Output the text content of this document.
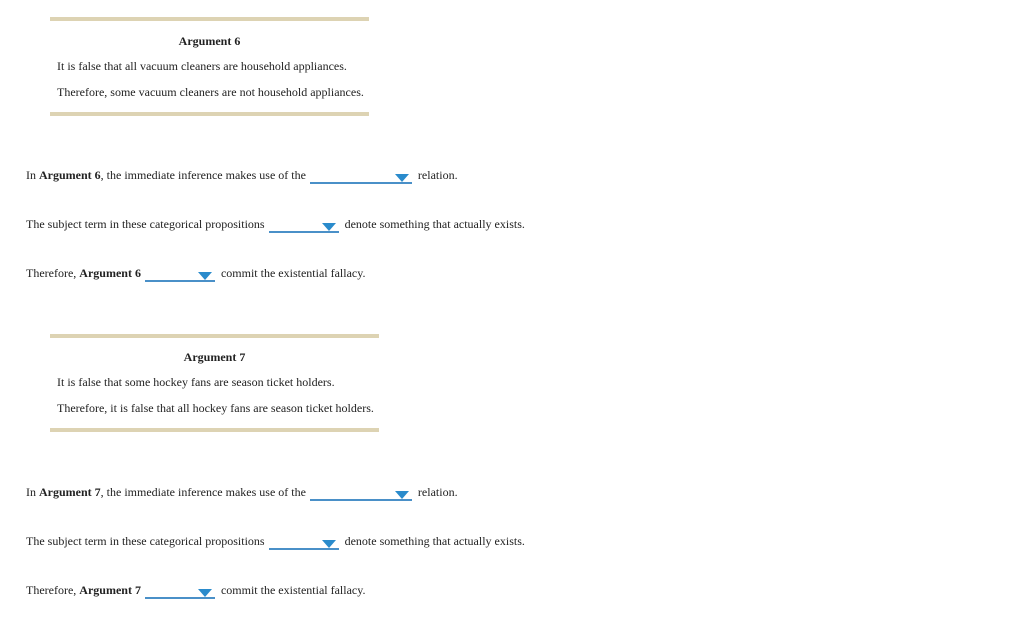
Argument 6
It is false that all vacuum cleaners are household appliances.
Therefore, some vacuum cleaners are not household appliances.
In
Argument 6 , the immediate inference makes use of the	relation.
The subject term in these categorical propositions	denote something that actually exists.
Therefore,
Argument 6	commit the existential fallacy.
Argument 7
It is false that some hockey fans are season ticket holders.
Therefore, it is false that all hockey fans are season ticket holders.
In
Argument 7 , the immediate inference makes use of the	relation.
The subject term in these categorical propositions	denote something that actually exists.
Therefore,
Argument 7	commit the existential fallacy.
